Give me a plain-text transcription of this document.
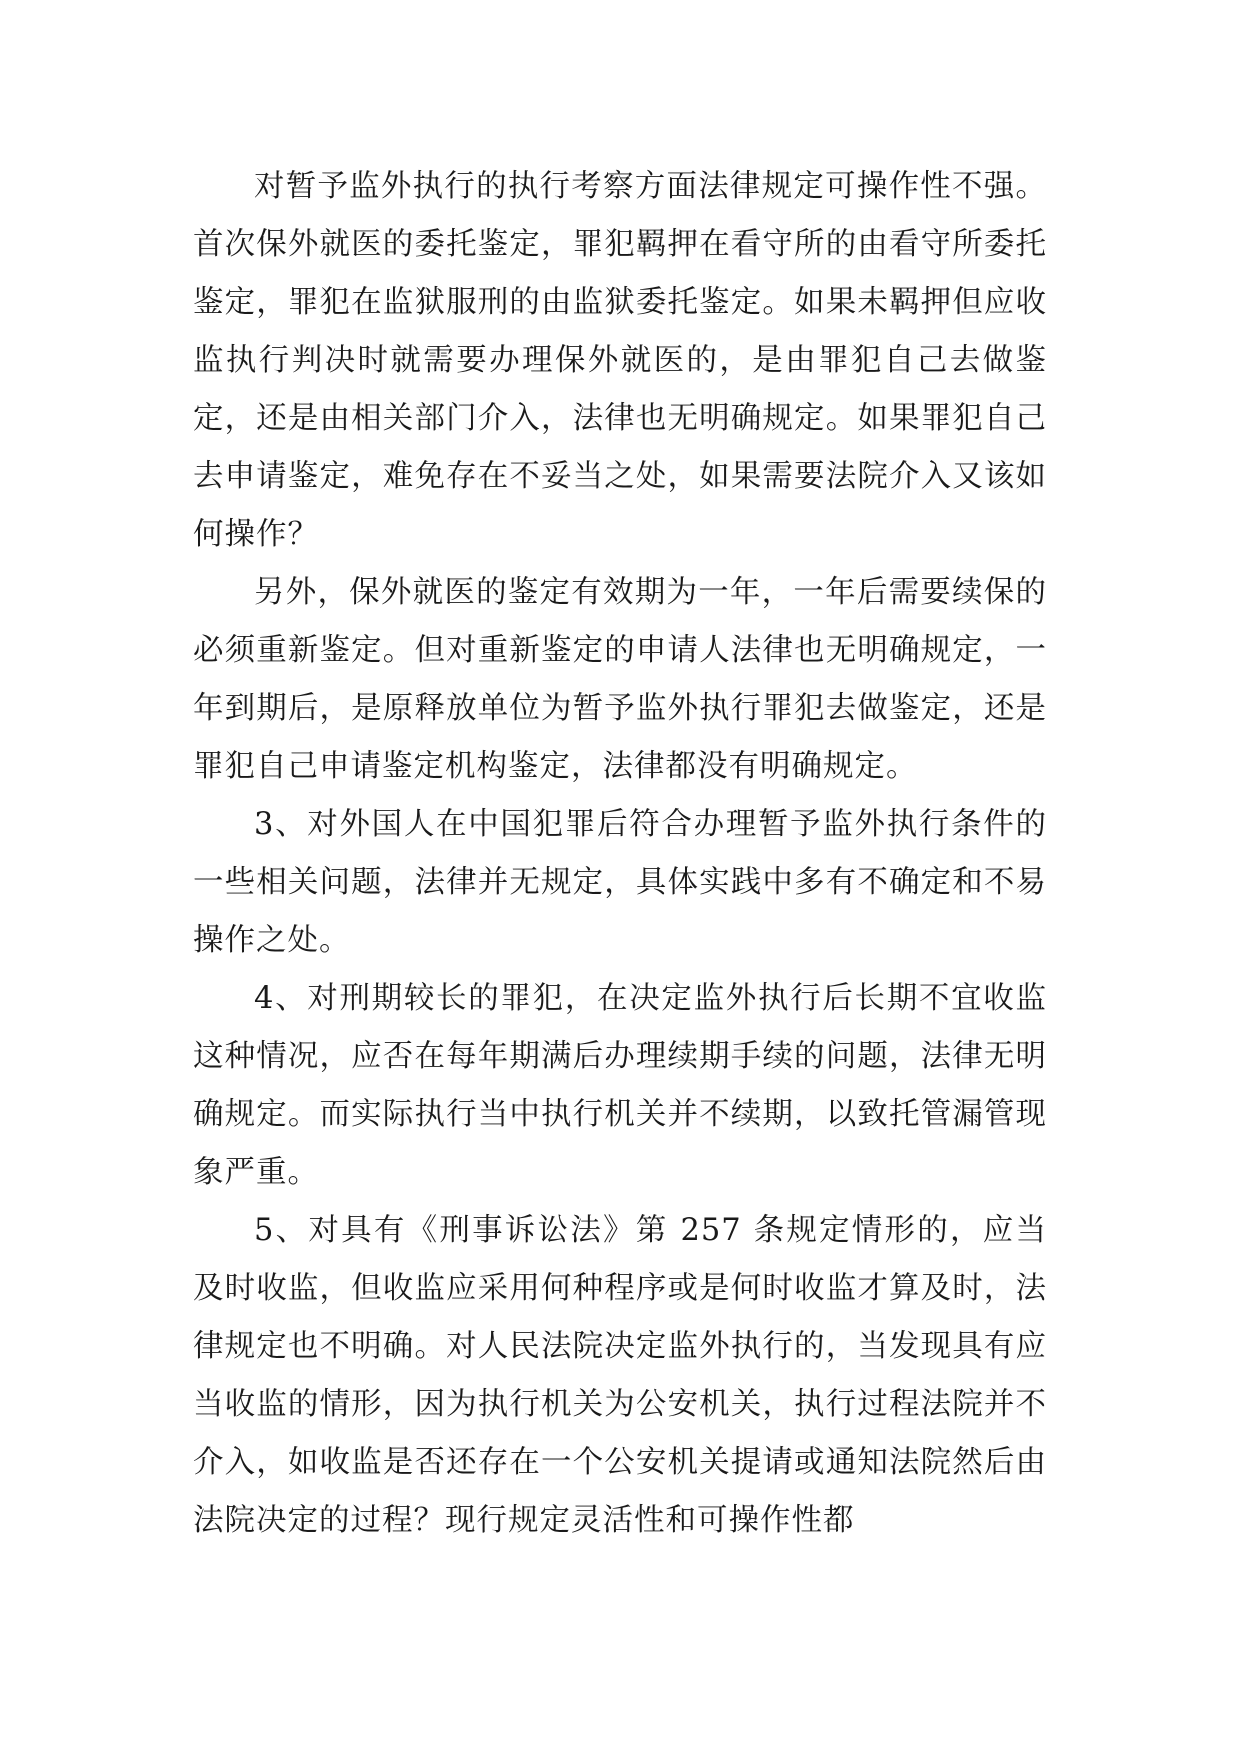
对暂予监外执行的执行考察方面法律规定可操作性不强。首次保外就医的委托鉴定，罪犯羁押在看守所的由看守所委托鉴定，罪犯在监狱服刑的由监狱委托鉴定。如果未羁押但应收监执行判决时就需要办理保外就医的，是由罪犯自己去做鉴定，还是由相关部门介入，法律也无明确规定。如果罪犯自己去申请鉴定，难免存在不妥当之处，如果需要法院介入又该如何操作？

另外，保外就医的鉴定有效期为一年，一年后需要续保的必须重新鉴定。但对重新鉴定的申请人法律也无明确规定，一年到期后，是原释放单位为暂予监外执行罪犯去做鉴定，还是罪犯自己申请鉴定机构鉴定，法律都没有明确规定。

3、对外国人在中国犯罪后符合办理暂予监外执行条件的一些相关问题，法律并无规定，具体实践中多有不确定和不易操作之处。

4、对刑期较长的罪犯，在决定监外执行后长期不宜收监这种情况，应否在每年期满后办理续期手续的问题，法律无明确规定。而实际执行当中执行机关并不续期，以致托管漏管现象严重。

5、对具有《刑事诉讼法》第 257 条规定情形的，应当及时收监，但收监应采用何种程序或是何时收监才算及时，法律规定也不明确。对人民法院决定监外执行的，当发现具有应当收监的情形，因为执行机关为公安机关，执行过程法院并不介入，如收监是否还存在一个公安机关提请或通知法院然后由法院决定的过程？现行规定灵活性和可操作性都
